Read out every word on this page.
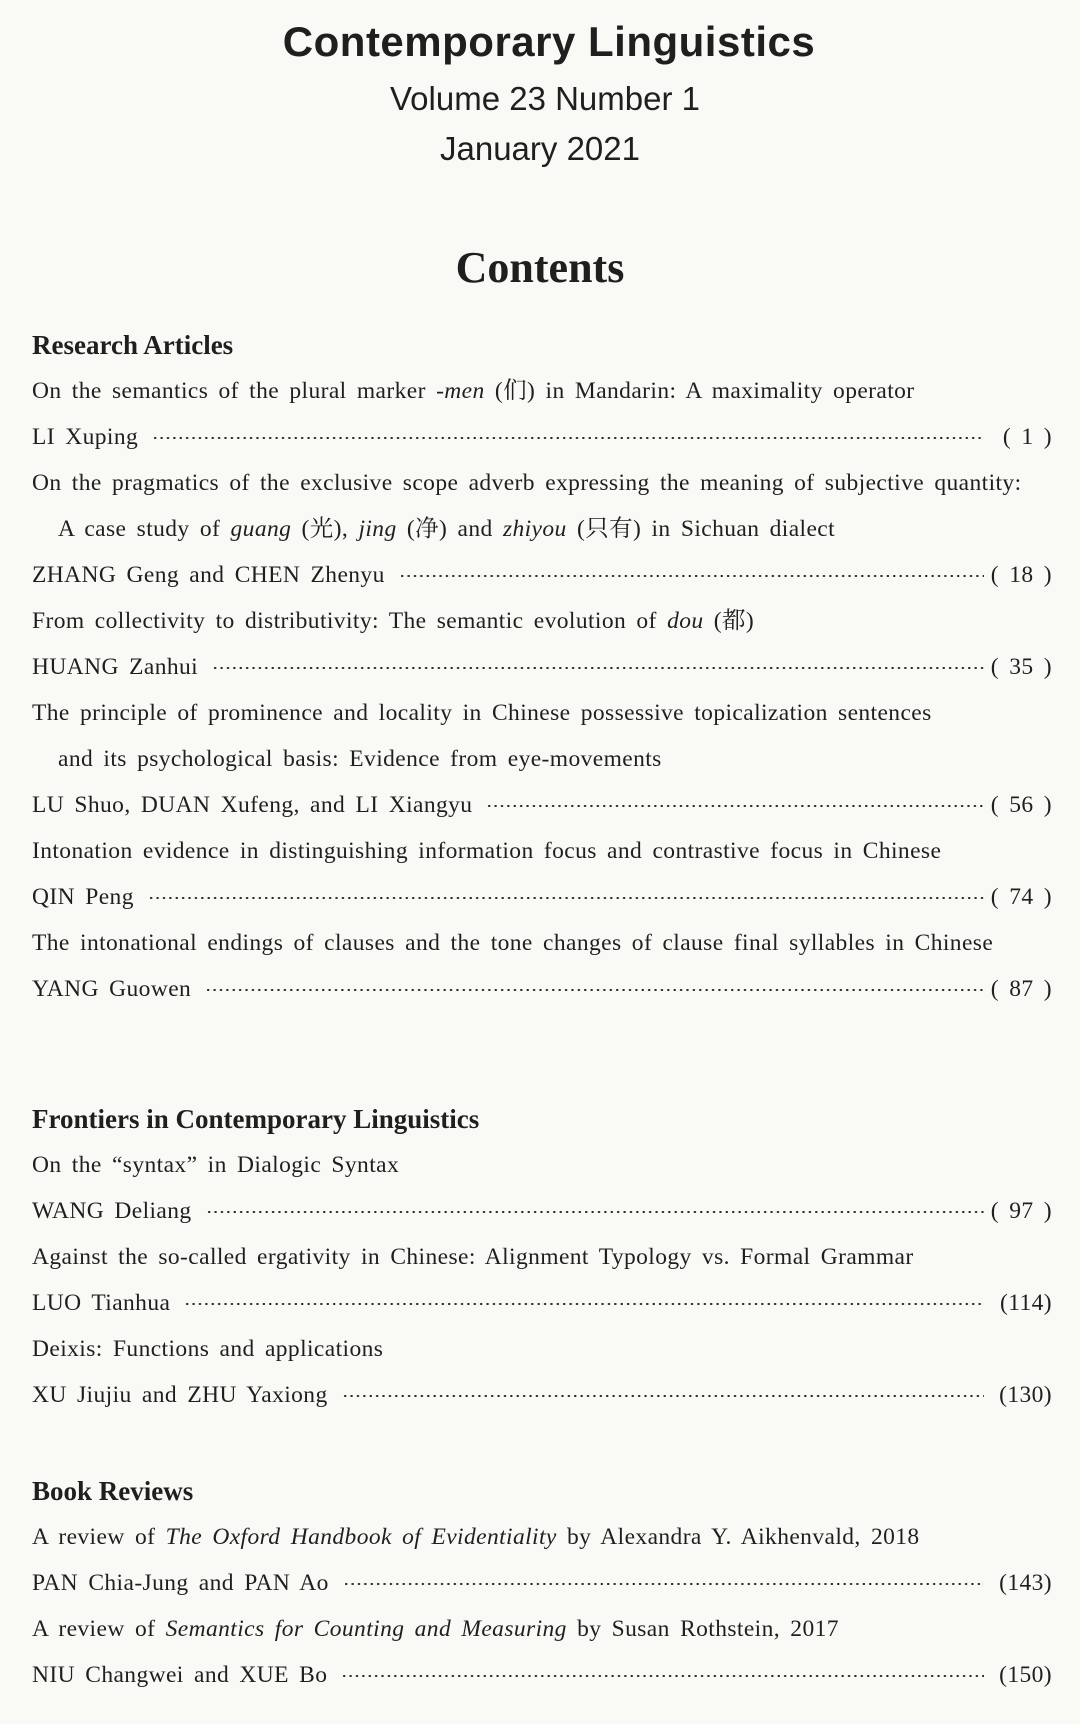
Contemporary Linguistics
Volume 23 Number 1
January 2021
Contents
Research Articles
On the semantics of the plural marker -men (们) in Mandarin: A maximality operator
LI Xuping	( 1 )
On the pragmatics of the exclusive scope adverb expressing the meaning of subjective quantity:
A case study of guang (光), jing (净) and zhiyou (只有) in Sichuan dialect
ZHANG Geng and CHEN Zhenyu	( 18 )
From collectivity to distributivity: The semantic evolution of dou (都)
HUANG Zanhui	( 35 )
The principle of prominence and locality in Chinese possessive topicalization sentences
and its psychological basis: Evidence from eye-movements
LU Shuo, DUAN Xufeng, and LI Xiangyu	( 56 )
Intonation evidence in distinguishing information focus and contrastive focus in Chinese
QIN Peng	( 74 )
The intonational endings of clauses and the tone changes of clause final syllables in Chinese
YANG Guowen	( 87 )
Frontiers in Contemporary Linguistics
On the “syntax” in Dialogic Syntax
WANG Deliang	( 97 )
Against the so-called ergativity in Chinese: Alignment Typology vs. Formal Grammar
LUO Tianhua	(114)
Deixis: Functions and applications
XU Jiujiu and ZHU Yaxiong	(130)
Book Reviews
A review of The Oxford Handbook of Evidentiality by Alexandra Y. Aikhenvald, 2018
PAN Chia-Jung and PAN Ao	(143)
A review of Semantics for Counting and Measuring by Susan Rothstein, 2017
NIU Changwei and XUE Bo	(150)
